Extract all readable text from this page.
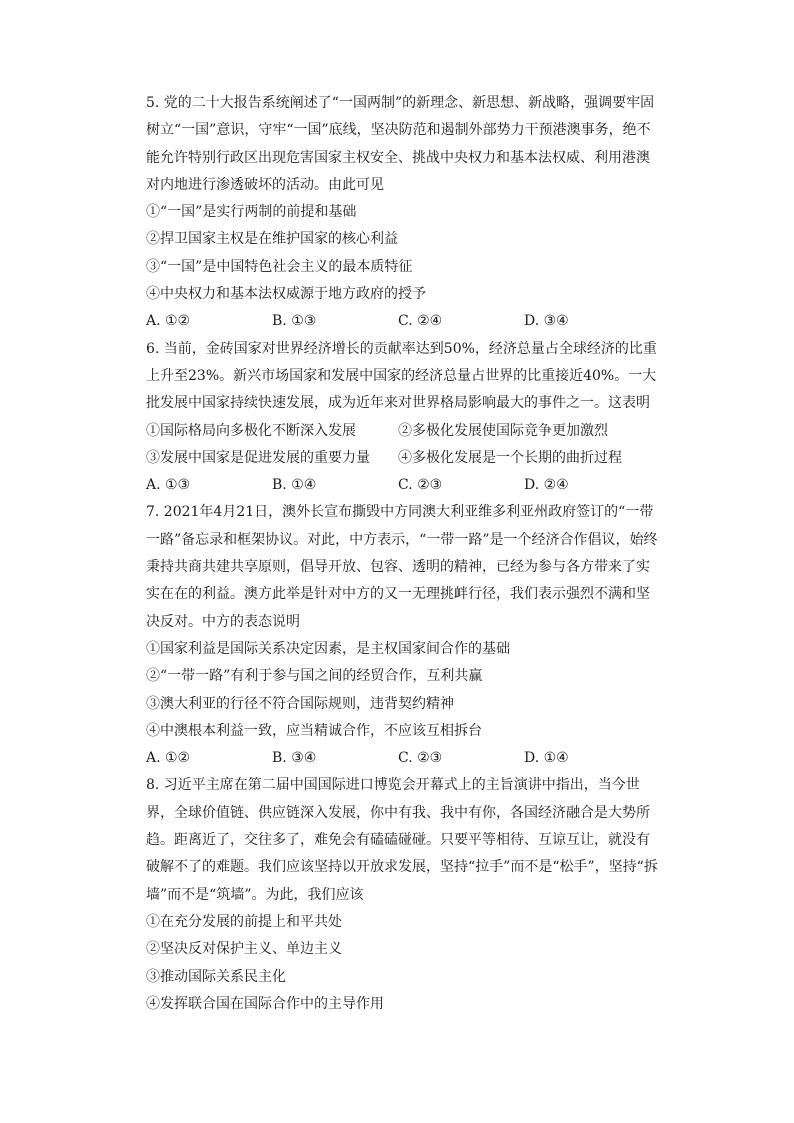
5. 党的二十大报告系统阐述了“一国两制”的新理念、新思想、新战略，强调要牢固树立“一国”意识，守牢“一国”底线，坚决防范和遏制外部势力干预港澳事务，绝不能允许特别行政区出现危害国家主权安全、挑战中央权力和基本法权威、利用港澳对内地进行渗透破坏的活动。由此可见

①“一国”是实行两制的前提和基础

②捍卫国家主权是在维护国家的核心利益

③“一国”是中国特色社会主义的最本质特征

④中央权力和基本法权威源于地方政府的授予

A. ①②	B. ①③	C. ②④	D. ③④

6. 当前，金砖国家对世界经济增长的贡献率达到50%，经济总量占全球经济的比重上升至23%。新兴市场国家和发展中国家的经济总量占世界的比重接近40%。一大批发展中国家持续快速发展，成为近年来对世界格局影响最大的事件之一。这表明

①国际格局向多极化不断深入发展	②多极化发展使国际竞争更加激烈
③发展中国家是促进发展的重要力量	④多极化发展是一个长期的曲折过程
A. ①③	B. ①④	C. ②③	D. ②④

7. 2021年4月21日，澳外长宣布撕毁中方同澳大利亚维多利亚州政府签订的“一带一路”备忘录和框架协议。对此，中方表示，“一带一路”是一个经济合作倡议，始终秉持共商共建共享原则，倡导开放、包容、透明的精神，已经为参与各方带来了实实在在的利益。澳方此举是针对中方的又一无理挑衅行径，我们表示强烈不满和坚决反对。中方的表态说明

①国家利益是国际关系决定因素，是主权国家间合作的基础

②“一带一路”有利于参与国之间的经贸合作，互利共赢

③澳大利亚的行径不符合国际规则，违背契约精神

④中澳根本利益一致，应当精诚合作，不应该互相拆台

A. ①②	B. ③④	C. ②③	D. ①④

8. 习近平主席在第二届中国国际进口博览会开幕式上的主旨演讲中指出，当今世界，全球价值链、供应链深入发展，你中有我、我中有你，各国经济融合是大势所趋。距离近了，交往多了，难免会有磕磕碰碰。只要平等相待、互谅互让，就没有破解不了的难题。我们应该坚持以开放求发展，坚持“拉手”而不是“松手”，坚持“拆墙”而不是“筑墙”。为此，我们应该

①在充分发展的前提上和平共处

②坚决反对保护主义、单边主义

③推动国际关系民主化

④发挥联合国在国际合作中的主导作用
